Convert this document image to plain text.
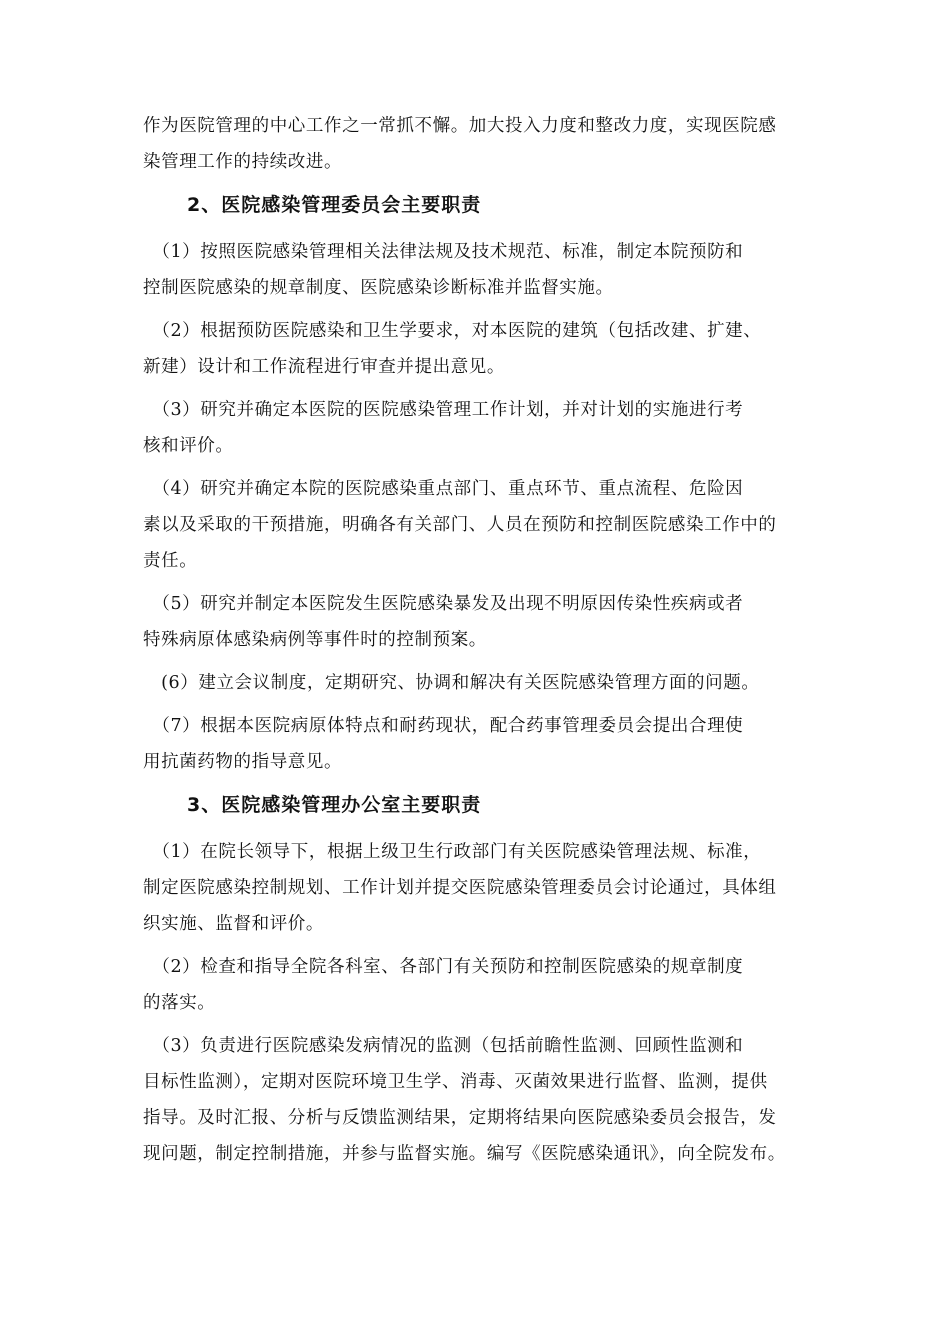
作为医院管理的中心工作之一常抓不懈。加大投入力度和整改力度，实现医院感
染管理工作的持续改进。

2、医院感染管理委员会主要职责

　（1）按照医院感染管理相关法律法规及技术规范、标准，制定本院预防和
控制医院感染的规章制度、医院感染诊断标准并监督实施。

　（2）根据预防医院感染和卫生学要求，对本医院的建筑（包括改建、扩建、
新建）设计和工作流程进行审查并提出意见。

　（3）研究并确定本医院的医院感染管理工作计划，并对计划的实施进行考
核和评价。

　（4）研究并确定本院的医院感染重点部门、重点环节、重点流程、危险因
素以及采取的干预措施，明确各有关部门、人员在预防和控制医院感染工作中的
责任。

　（5）研究并制定本医院发生医院感染暴发及出现不明原因传染性疾病或者
特殊病原体感染病例等事件时的控制预案。

　(6）建立会议制度，定期研究、协调和解决有关医院感染管理方面的问题。

　（7）根据本医院病原体特点和耐药现状，配合药事管理委员会提出合理使
用抗菌药物的指导意见。

3、医院感染管理办公室主要职责

　（1）在院长领导下，根据上级卫生行政部门有关医院感染管理法规、标准，
制定医院感染控制规划、工作计划并提交医院感染管理委员会讨论通过，具体组
织实施、监督和评价。

　（2）检查和指导全院各科室、各部门有关预防和控制医院感染的规章制度
的落实。

　（3）负责进行医院感染发病情况的监测（包括前瞻性监测、回顾性监测和
目标性监测），定期对医院环境卫生学、消毒、灭菌效果进行监督、监测，提供
指导。及时汇报、分析与反馈监测结果，定期将结果向医院感染委员会报告，发
现问题，制定控制措施，并参与监督实施。编写《医院感染通讯》，向全院发布。
